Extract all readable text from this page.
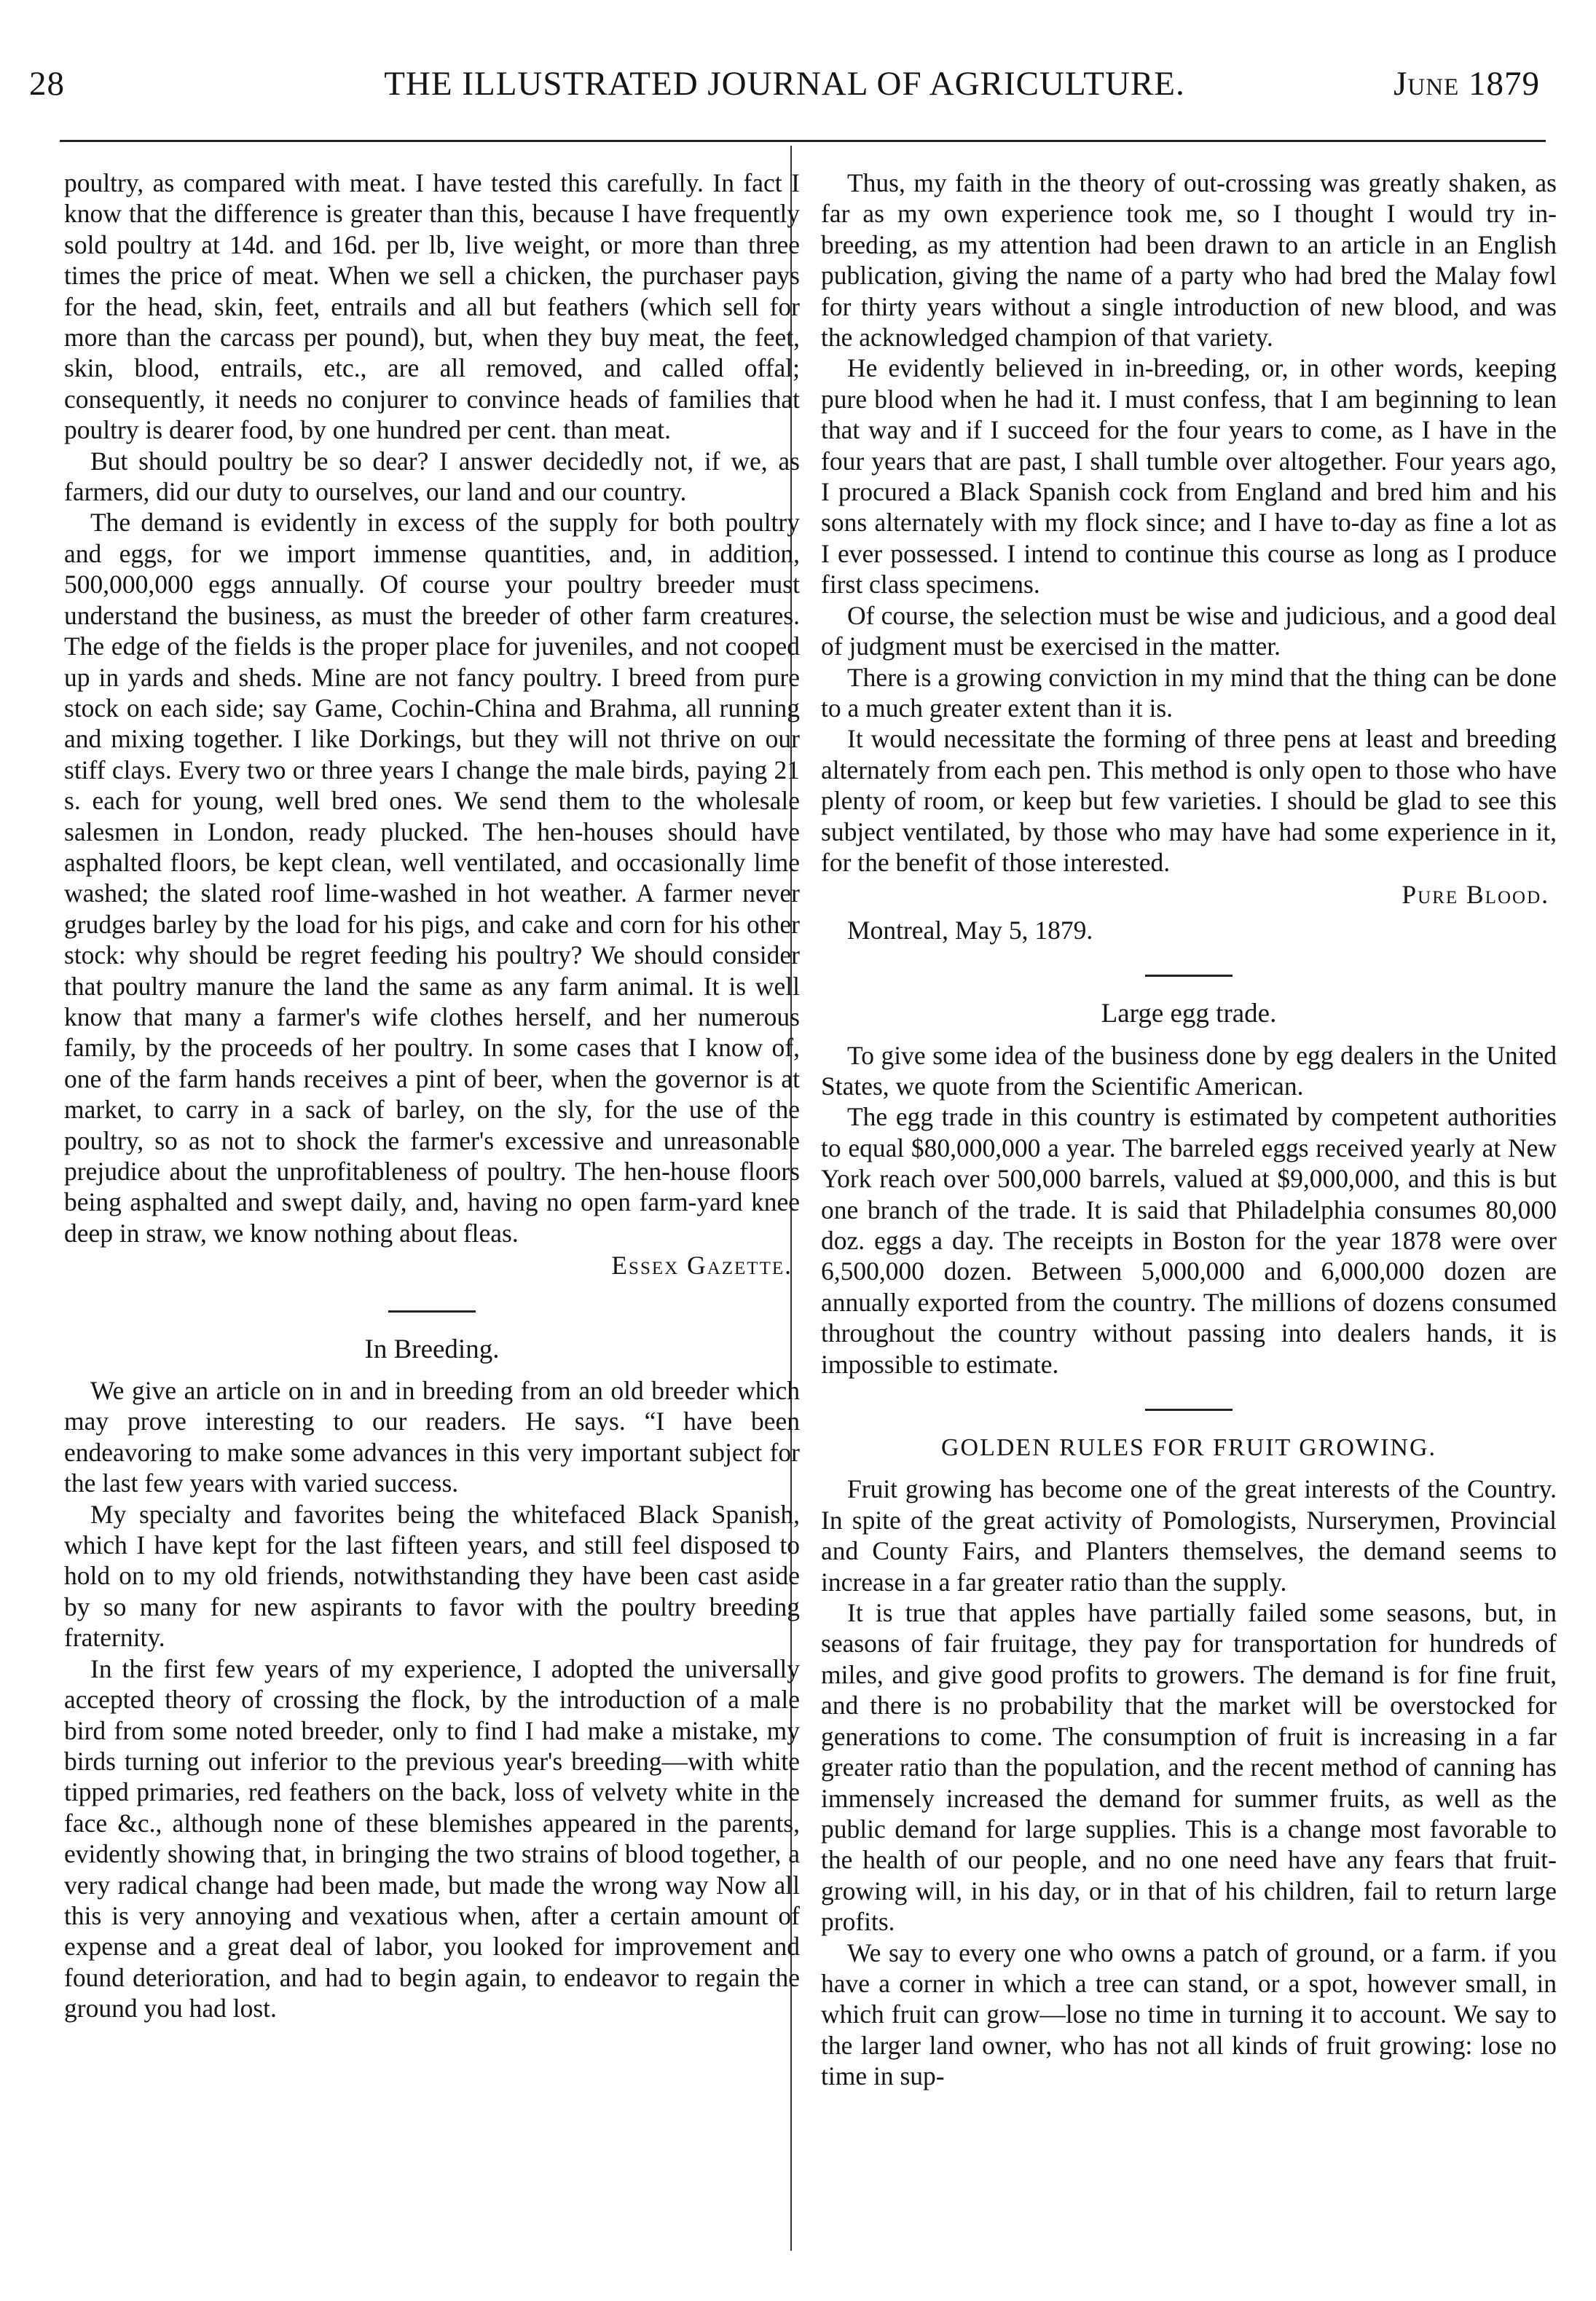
28	THE ILLUSTRATED JOURNAL OF AGRICULTURE.	June 1879

poultry, as compared with meat. I have tested this carefully. In fact I know that the difference is greater than this, because I have frequently sold poultry at 14d. and 16d. per lb, live weight, or more than three times the price of meat. When we sell a chicken, the purchaser pays for the head, skin, feet, entrails and all but feathers (which sell for more than the carcass per pound), but, when they buy meat, the feet, skin, blood, entrails, etc., are all removed, and called offal; consequently, it needs no conjurer to convince heads of families that poultry is dearer food, by one hundred per cent. than meat.

But should poultry be so dear? I answer decidedly not, if we, as farmers, did our duty to ourselves, our land and our country.

The demand is evidently in excess of the supply for both poultry and eggs, for we import immense quantities, and, in addition, 500,000,000 eggs annually. Of course your poultry breeder must understand the business, as must the breeder of other farm creatures. The edge of the fields is the proper place for juveniles, and not cooped up in yards and sheds. Mine are not fancy poultry. I breed from pure stock on each side; say Game, Cochin-China and Brahma, all running and mixing together. I like Dorkings, but they will not thrive on our stiff clays. Every two or three years I change the male birds, paying 21 s. each for young, well bred ones. We send them to the wholesale salesmen in London, ready plucked. The hen-houses should have asphalted floors, be kept clean, well ventilated, and occasionally lime washed; the slated roof lime-washed in hot weather. A farmer never grudges barley by the load for his pigs, and cake and corn for his other stock: why should be regret feeding his poultry? We should consider that poultry manure the land the same as any farm animal. It is well know that many a farmer's wife clothes herself, and her numerous family, by the proceeds of her poultry. In some cases that I know of, one of the farm hands receives a pint of beer, when the governor is at market, to carry in a sack of barley, on the sly, for the use of the poultry, so as not to shock the farmer's excessive and unreasonable prejudice about the unprofitableness of poultry. The hen-house floors being asphalted and swept daily, and, having no open farm-yard knee deep in straw, we know nothing about fleas.

Essex Gazette.
In Breeding.

We give an article on in and in breeding from an old breeder which may prove interesting to our readers. He says. “I have been endeavoring to make some advances in this very important subject for the last few years with varied success.

My specialty and favorites being the whitefaced Black Spanish, which I have kept for the last fifteen years, and still feel disposed to hold on to my old friends, notwithstanding they have been cast aside by so many for new aspirants to favor with the poultry breeding fraternity.

In the first few years of my experience, I adopted the universally accepted theory of crossing the flock, by the introduction of a male bird from some noted breeder, only to find I had make a mistake, my birds turning out inferior to the previous year's breeding—with white tipped primaries, red feathers on the back, loss of velvety white in the face &c., although none of these blemishes appeared in the parents, evidently showing that, in bringing the two strains of blood together, a very radical change had been made, but made the wrong way Now all this is very annoying and vexatious when, after a certain amount of expense and a great deal of labor, you looked for improvement and found deterioration, and had to begin again, to endeavor to regain the ground you had lost.

Thus, my faith in the theory of out-crossing was greatly shaken, as far as my own experience took me, so I thought I would try in-breeding, as my attention had been drawn to an article in an English publication, giving the name of a party who had bred the Malay fowl for thirty years without a single introduction of new blood, and was the acknowledged champion of that variety.

He evidently believed in in-breeding, or, in other words, keeping pure blood when he had it. I must confess, that I am beginning to lean that way and if I succeed for the four years to come, as I have in the four years that are past, I shall tumble over altogether. Four years ago, I procured a Black Spanish cock from England and bred him and his sons alternately with my flock since; and I have to-day as fine a lot as I ever possessed. I intend to continue this course as long as I produce first class specimens.

Of course, the selection must be wise and judicious, and a good deal of judgment must be exercised in the matter.

There is a growing conviction in my mind that the thing can be done to a much greater extent than it is.

It would necessitate the forming of three pens at least and breeding alternately from each pen. This method is only open to those who have plenty of room, or keep but few varieties. I should be glad to see this subject ventilated, by those who may have had some experience in it, for the benefit of those interested.

Pure Blood.
Montreal, May 5, 1879.
Large egg trade.

To give some idea of the business done by egg dealers in the United States, we quote from the Scientific American.

The egg trade in this country is estimated by competent authorities to equal $80,000,000 a year. The barreled eggs received yearly at New York reach over 500,000 barrels, valued at $9,000,000, and this is but one branch of the trade. It is said that Philadelphia consumes 80,000 doz. eggs a day. The receipts in Boston for the year 1878 were over 6,500,000 dozen. Between 5,000,000 and 6,000,000 dozen are annually exported from the country. The millions of dozens consumed throughout the country without passing into dealers hands, it is impossible to estimate.

GOLDEN RULES FOR FRUIT GROWING.

Fruit growing has become one of the great interests of the Country. In spite of the great activity of Pomologists, Nurserymen, Provincial and County Fairs, and Planters themselves, the demand seems to increase in a far greater ratio than the supply.

It is true that apples have partially failed some seasons, but, in seasons of fair fruitage, they pay for transportation for hundreds of miles, and give good profits to growers. The demand is for fine fruit, and there is no probability that the market will be overstocked for generations to come. The consumption of fruit is increasing in a far greater ratio than the population, and the recent method of canning has immensely increased the demand for summer fruits, as well as the public demand for large supplies. This is a change most favorable to the health of our people, and no one need have any fears that fruit-growing will, in his day, or in that of his children, fail to return large profits.

We say to every one who owns a patch of ground, or a farm. if you have a corner in which a tree can stand, or a spot, however small, in which fruit can grow—lose no time in turning it to account. We say to the larger land owner, who has not all kinds of fruit growing: lose no time in sup-
